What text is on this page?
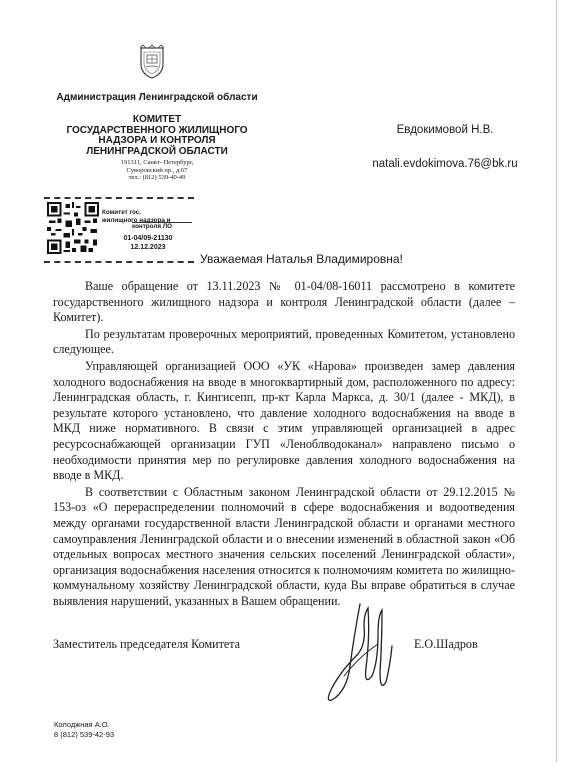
Администрация Ленинградской области
КОМИТЕТ
ГОСУДАРСТВЕННОГО ЖИЛИЩНОГО
НАДЗОРА И КОНТРОЛЯ
ЛЕНИНГРАДСКОЙ ОБЛАСТИ
191311, Санкт- Петербург,
Суворовский пр., д.67
тел.: (812) 539-40-49
Евдокимовой Н.В.
natali.evdokimova.76@bk.ru
Комитет гос.
жилищного надзора и
контроля ЛО
01-04/09-21130
12.12.2023
Уважаемая Наталья Владимировна!

Ваше обращение от 13.11.2023 № 01-04/08-16011 рассмотрено в комитете государственного жилищного надзора и контроля Ленинградской области (далее – Комитет).

По результатам проверочных мероприятий, проведенных Комитетом, установлено следующее.

Управляющей организацией ООО «УК «Нарова» произведен замер давления холодного водоснабжения на вводе в многоквартирный дом, расположенного по адресу: Ленинградская область, г. Кингисепп, пр-кт Карла Маркса, д. 30/1 (далее - МКД), в результате которого установлено, что давление холодного водоснабжения на вводе в МКД ниже нормативного. В связи с этим управляющей организацией в адрес ресурсоснабжающей организации ГУП «Леноблводоканал» направлено письмо о необходимости принятия мер по регулировке давления холодного водоснабжения на вводе в МКД.

В соответствии с Областным законом Ленинградской области от 29.12.2015 № 153-оз «О перераспределении полномочий в сфере водоснабжения и водоотведения между органами государственной власти Ленинградской области и органами местного самоуправления Ленинградской области и о внесении изменений в областной закон «Об отдельных вопросах местного значения сельских поселений Ленинградской области», организация водоснабжения населения относится к полномочиям комитета по жилищно-коммунальному хозяйству Ленинградской области, куда Вы вправе обратиться в случае выявления нарушений, указанных в Вашем обращении.

Заместитель председателя Комитета	Е.О.Шадров
Колоджная А.О.
8 (812) 539-42-93
